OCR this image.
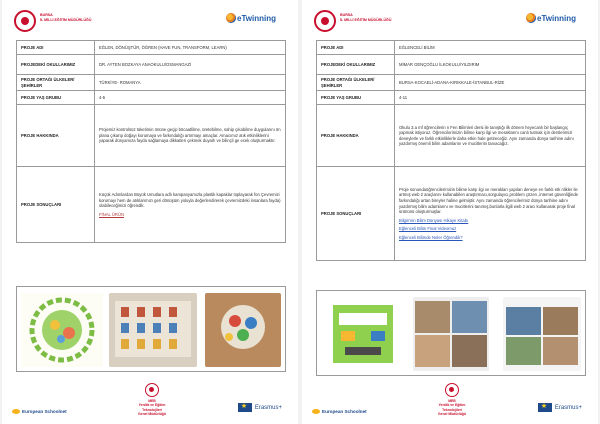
BURSA
İL MİLLİ EĞİTİM MÜDÜRLÜĞÜ	eTwinning
PROJE ADI	EĞLEN, DÖNÜŞTÜR, ÖĞREN (HAVE FUN, TRANSFORM, LEARN)
PROJEDEKİ OKULLARIMIZ	DR. AYTEN BOZKAYA ANAOKULU/OSMANGAZİ
PROJE ORTAĞI ÜLKELER/ŞEHİRLER	TÜRKİYE- ROMANYA
PROJE YAŞ GRUBU	4-5
PROJE HAKKINDA	Projemiz kontrolsüz tüketimin önüne geçip böcaatlilme, üretebilme, sahip çıkabilme duygularını ön plana çıkarıp doğayı korumaya ve farkındalığı artırmayı amaçlar. Amacımız atık etkinliklerini yaparak dünyamıza fayda sağlamaya dikkatleri çekmek duyarlı ve bilinçli ge ecek oluşturmaktır.
PROJE SONUÇLARI	Küçük Adımlardan Büyük Umutlara adlı kampanyamızla plastik kapaklar toplayarak fon Çevremizi korumayı hem de atıklarımızı geri dönüşüm yoluyla değerlendirerek çevremizdeki insanlara fayda) olabileceğimizi öğrendik.
FİNAL ÜRÜN
European Schoolnet
MEB
Yenilik ve Eğitim Teknolojileri
Genel Müdürlüğü
★Erasmus+
BURSA
İL MİLLİ EĞİTİM MÜDÜRLÜĞÜ	eTwinning
PROJE ADI	EĞLENCELİ BİLİM
PROJEDEKİ OKULLARIMIZ	MİMAR GENÇOĞLU İLKOKULU/YILDIRIM
PROJE ORTAĞI ÜLKELER/ŞEHİRLER	BURSA-KOCAELİ-ADANA-KIRIKKALE-İSTANBUL-RİZE
PROJE YAŞ GRUBU	4-11
PROJE HAKKINDA	Okulu 3.a mf öğrencilerin n Fen Bilimleri dersi ile tanıştığı ilk dönem heyecanlı bir başlangıç yapmak istiyoruz. Öğrencilerimizin bilime karşı ilgi ve meraklarını canlı tutmak için derslerimizi deneylerle ve farklı etkinliklerle daha etkin hale getireceğiz. Aynı zamanda dünya tarihine adını yazdırmış önemli bilim adamlarını ve mucitlerini tanıacağız.
PROJE SONUÇLARI	Proje sonundaöğrencilerimizin bilime karşı ilgi ve merakları yapılan deneye en farklı etk nlikler ile artmış web 2 araçlarını kullanabilen araştırmacı,sorgulayıcı,problem çözen ,internet güvenliğinde farkındalığı artan bireyler haline gelmiştir. Aynı zamanda öğrencilerimiz dünya tarihine adını yazdırmış bilim adamlarını ve mucitlerini tanımış,bunlarla ilgili web 2 aracı kullanarak proje final ürününü oluşturmuşlar.
Bilgin'nin Bilim Dünyası Hikaye Kitabı
Eğlenceli Bilim Final Videomuz
Eğlenceli Bilimde Neler Öğrendik?
European Schoolnet
MEB
Yenilik ve Eğitim Teknolojileri
Genel Müdürlüğü
★Erasmus+
